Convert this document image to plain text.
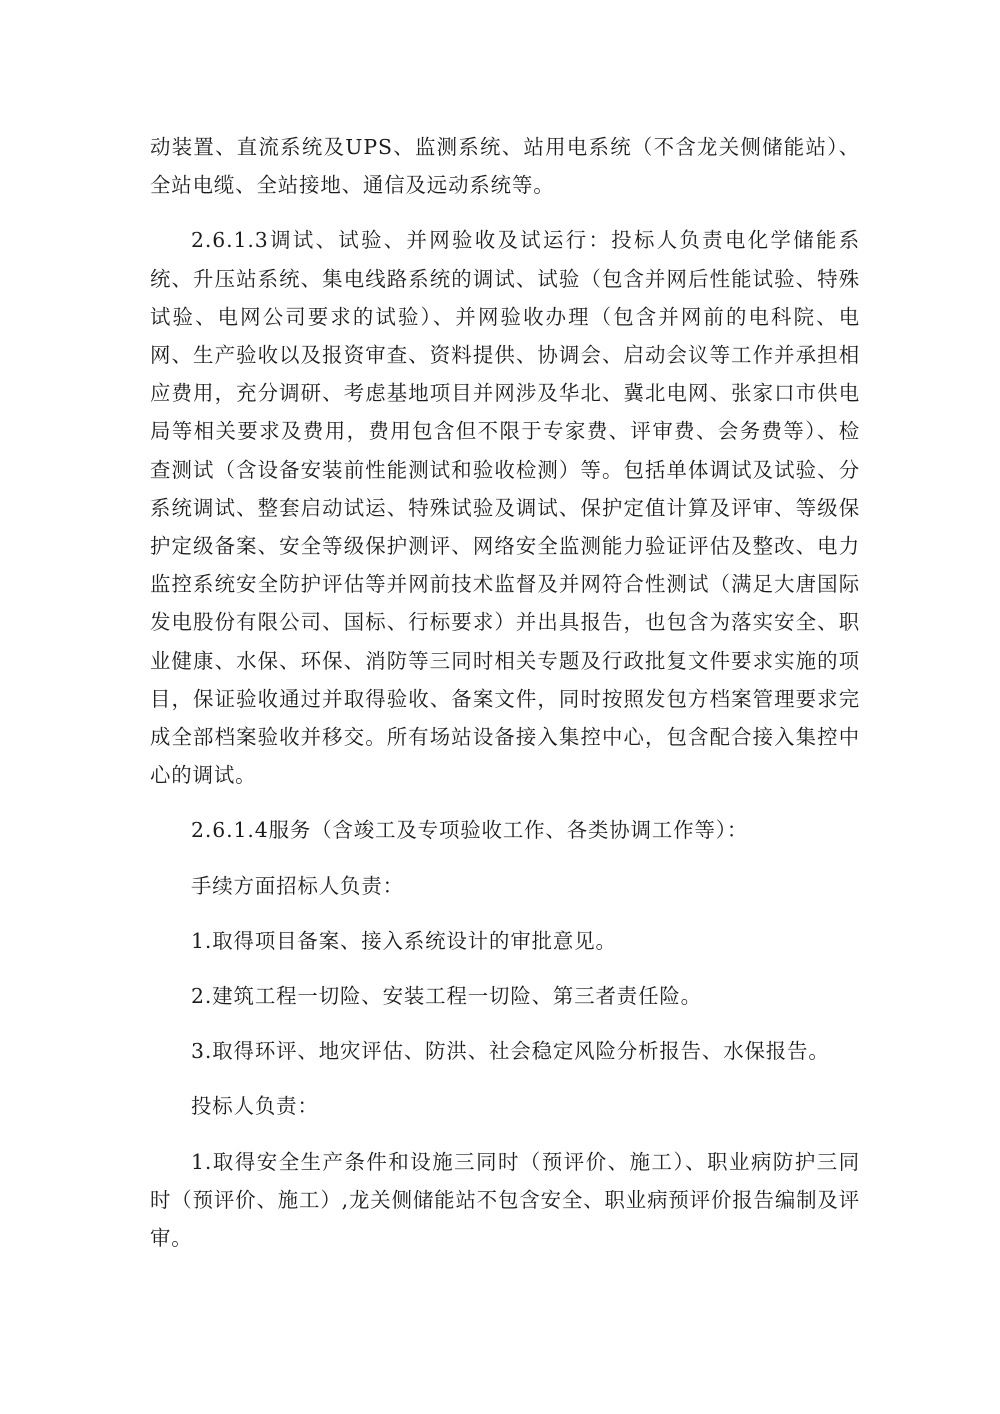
动装置、直流系统及UPS、监测系统、站用电系统（不含龙关侧储能站）、全站电缆、全站接地、通信及远动系统等。

2.6.1.3调试、试验、并网验收及试运行：投标人负责电化学储能系统、升压站系统、集电线路系统的调试、试验（包含并网后性能试验、特殊试验、电网公司要求的试验）、并网验收办理（包含并网前的电科院、电网、生产验收以及报资审查、资料提供、协调会、启动会议等工作并承担相应费用，充分调研、考虑基地项目并网涉及华北、冀北电网、张家口市供电局等相关要求及费用，费用包含但不限于专家费、评审费、会务费等）、检查测试（含设备安装前性能测试和验收检测）等。包括单体调试及试验、分系统调试、整套启动试运、特殊试验及调试、保护定值计算及评审、等级保护定级备案、安全等级保护测评、网络安全监测能力验证评估及整改、电力监控系统安全防护评估等并网前技术监督及并网符合性测试（满足大唐国际发电股份有限公司、国标、行标要求）并出具报告，也包含为落实安全、职业健康、水保、环保、消防等三同时相关专题及行政批复文件要求实施的项目，保证验收通过并取得验收、备案文件，同时按照发包方档案管理要求完成全部档案验收并移交。所有场站设备接入集控中心，包含配合接入集控中心的调试。

2.6.1.4服务（含竣工及专项验收工作、各类协调工作等）：

手续方面招标人负责：

1.取得项目备案、接入系统设计的审批意见。

2.建筑工程一切险、安装工程一切险、第三者责任险。

3.取得环评、地灾评估、防洪、社会稳定风险分析报告、水保报告。

投标人负责：

1.取得安全生产条件和设施三同时（预评价、施工）、职业病防护三同时（预评价、施工）,龙关侧储能站不包含安全、职业病预评价报告编制及评审。
